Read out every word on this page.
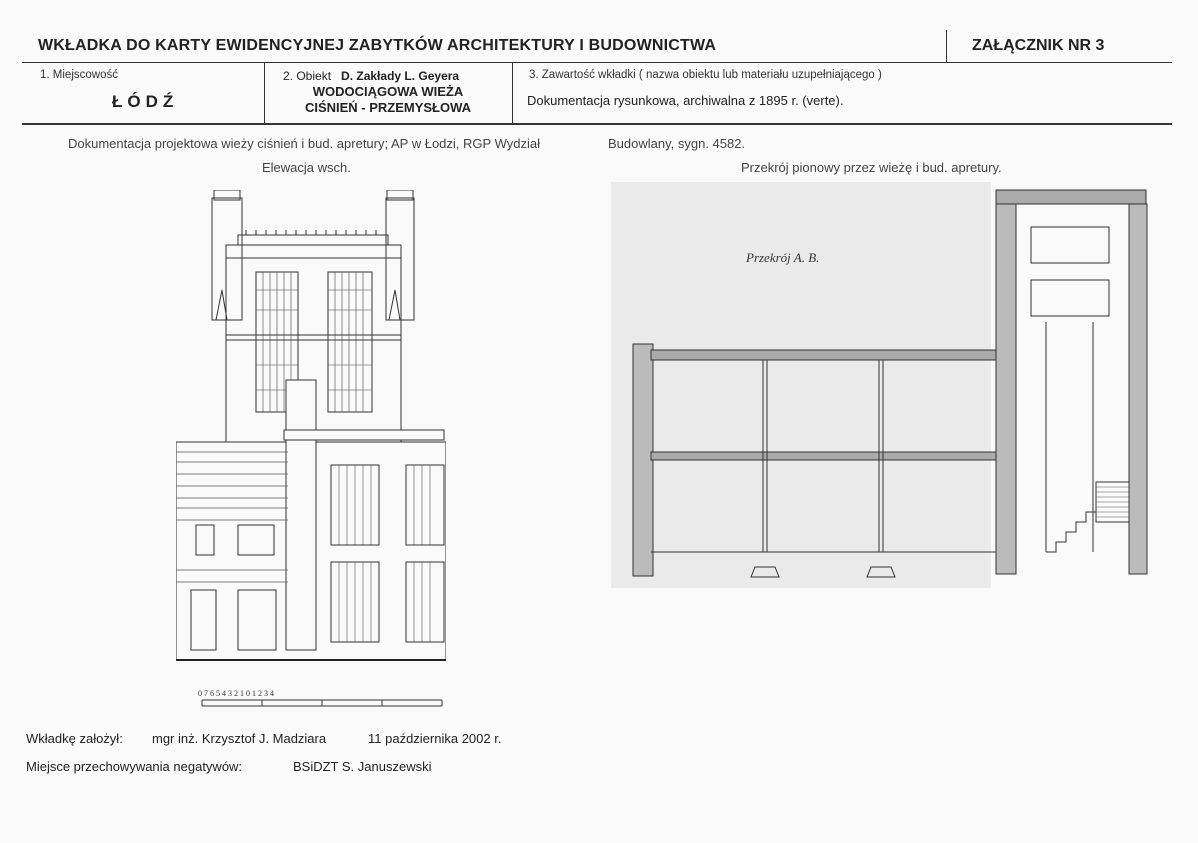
WKŁADKA DO KARTY EWIDENCYJNEJ ZABYTKÓW ARCHITEKTURY I BUDOWNICTWA	ZAŁĄCZNIK NR 3
1. Miejscowość
ŁÓDŹ
2. Obiekt D. Zakłady L. Geyera
WODOCIĄGOWA WIEŻA
CIŚNIEŃ - PRZEMYSŁOWA
3. Zawartość wkładki ( nazwa obiektu lub materiału uzupełniającego )
Dokumentacja rysunkowa, archiwalna z 1895 r. (verte).
Dokumentacja projektowa wieży ciśnień i bud. apretury; AP w Łodzi, RGP Wydział	Budowlany, sygn. 4582.
Elewacja wsch.	Przekrój pionowy przez wieżę i bud. apretury.
0 7 6 5 4 3 2 1 0 1 2 3 4
Przekrój A. B.
Wkładkę założył: mgr inż. Krzysztof J. Madziara	11 października 2002 r.
Miejsce przechowywania negatywów:	BSiDZT S. Januszewski
